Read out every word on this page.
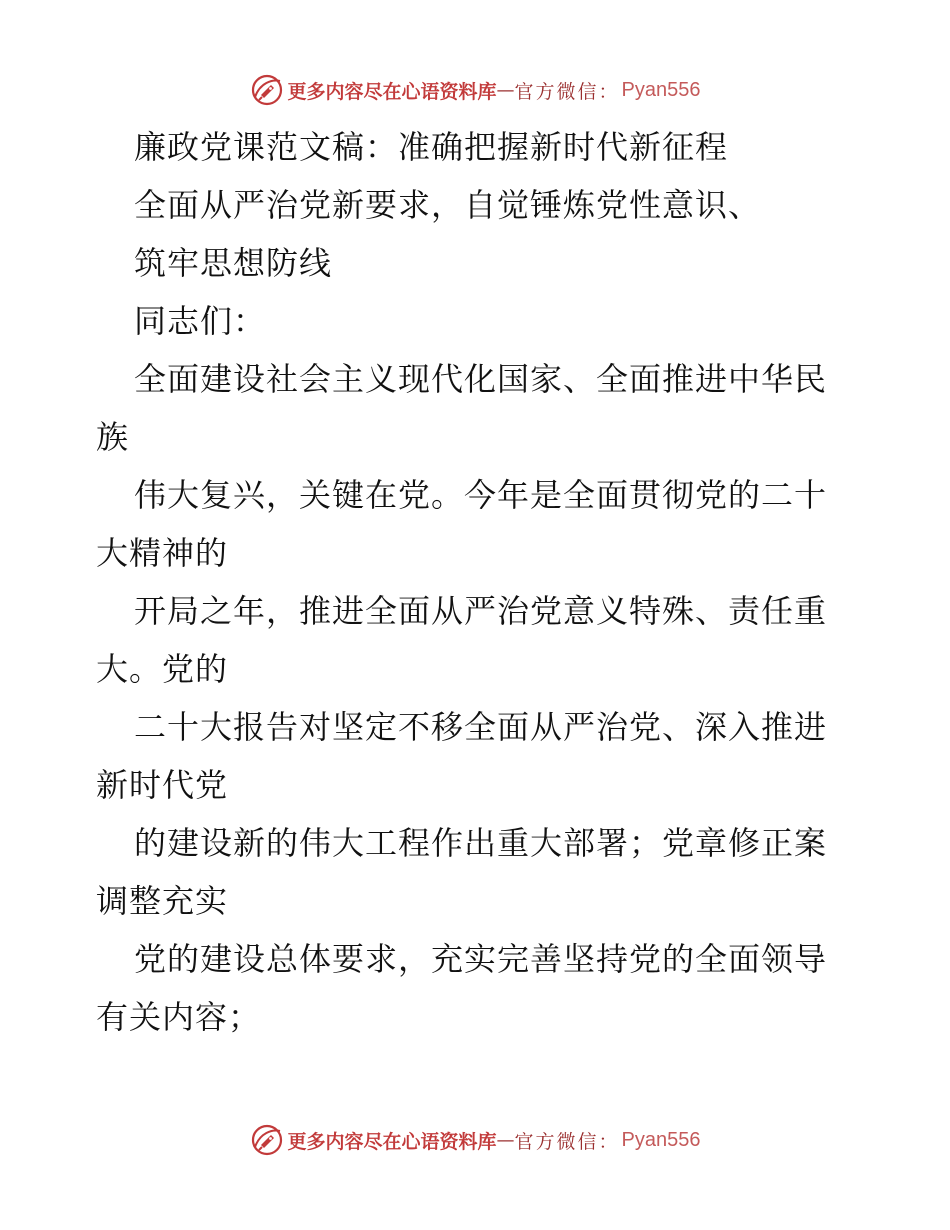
更多内容尽在心语资料库 — 官方微信： Pyan556
廉政党课范文稿：准确把握新时代新征程
全面从严治党新要求，自觉锤炼党性意识、
筑牢思想防线
同志们：
全面建设社会主义现代化国家、全面推进中华民
族
伟大复兴，关键在党。今年是全面贯彻党的二十
大精神的
开局之年，推进全面从严治党意义特殊、责任重
大。党的
二十大报告对坚定不移全面从严治党、深入推进
新时代党
的建设新的伟大工程作出重大部署；党章修正案
调整充实
党的建设总体要求，充实完善坚持党的全面领导
有关内容；
更多内容尽在心语资料库 — 官方微信： Pyan556
